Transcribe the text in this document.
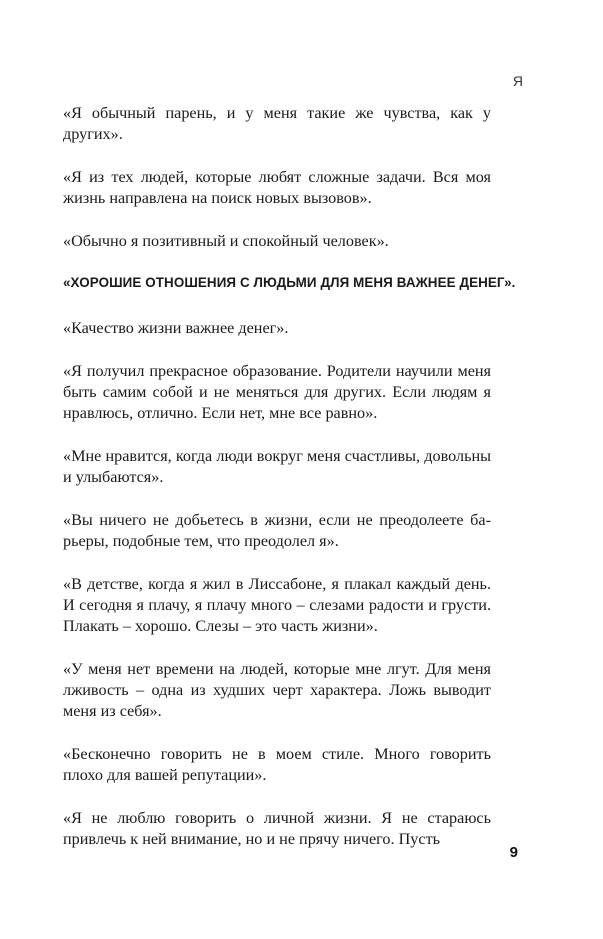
Я

«Я обычный парень, и у меня такие же чувства, как у других».

«Я из тех людей, которые любят сложные задачи. Вся моя жизнь направлена на поиск новых вызовов».

«Обычно я позитивный и спокойный человек».

«ХОРОШИЕ ОТНОШЕНИЯ С ЛЮДЬМИ ДЛЯ МЕНЯ ВАЖНЕЕ ДЕНЕГ».

«Качество жизни важнее денег».

«Я получил прекрасное образование. Родители научили меня быть самим собой и не меняться для других. Если людям я нравлюсь, отлично. Если нет, мне все равно».

«Мне нравится, когда люди вокруг меня счастливы, довольны и улыбаются».

«Вы ничего не добьетесь в жизни, если не преодолеете барьеры, подобные тем, что преодолел я».

«В детстве, когда я жил в Лиссабоне, я плакал каждый день. И сегодня я плачу, я плачу много – слезами радости и грусти. Плакать – хорошо. Слезы – это часть жизни».

«У меня нет времени на людей, которые мне лгут. Для меня лживость – одна из худших черт характера. Ложь выводит меня из себя».

«Бесконечно говорить не в моем стиле. Много говорить плохо для вашей репутации».

«Я не люблю говорить о личной жизни. Я не стараюсь привлечь к ней внимание, но и не прячу ничего. Пусть

9
